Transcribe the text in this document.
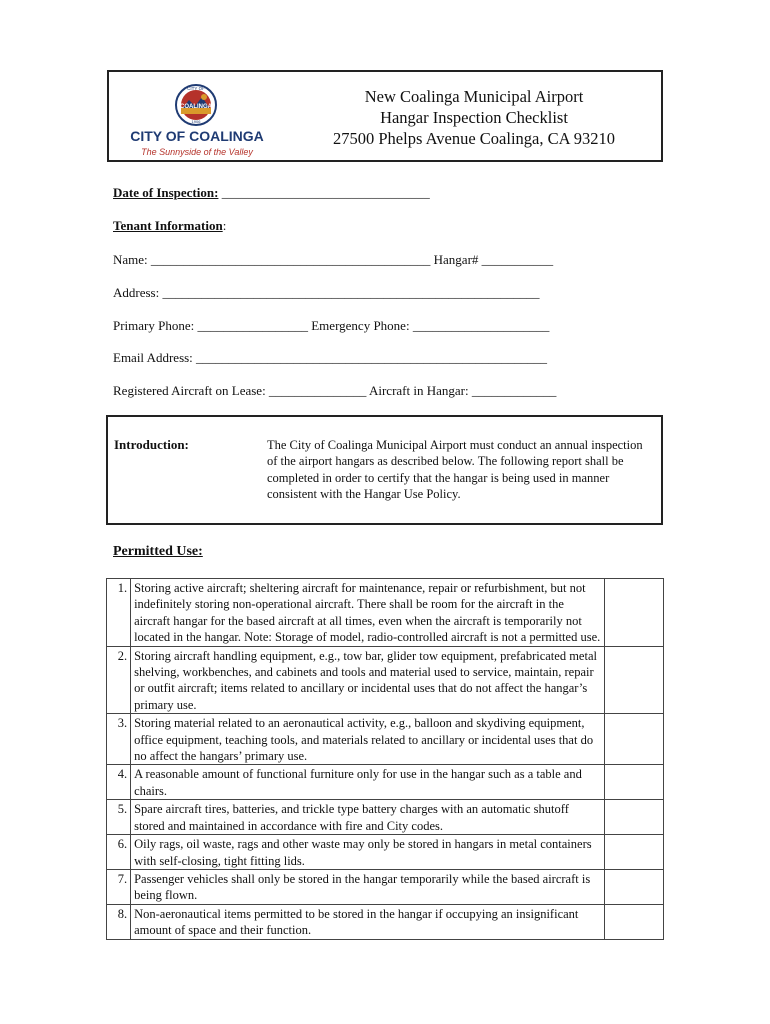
CITY OF
COALINGA
1906
CITY OF COALINGA
The Sunnyside of the Valley
New Coalinga Municipal Airport
Hangar Inspection Checklist
27500 Phelps Avenue Coalinga, CA 93210
Date of Inspection: ________________________________
Tenant Information:
Name: ___________________________________________ Hangar# ___________
Address: __________________________________________________________
Primary Phone: _________________ Emergency Phone: _____________________
Email Address: ______________________________________________________
Registered Aircraft on Lease: _______________ Aircraft in Hangar: _____________
Introduction:	The City of Coalinga Municipal Airport must conduct an annual inspection of the airport hangars as described below. The following report shall be completed in order to certify that the hangar is being used in manner consistent with the Hangar Use Policy.
Permitted Use:
1.	Storing active aircraft; sheltering aircraft for maintenance, repair or refurbishment, but not indefinitely storing non-operational aircraft. There shall be room for the aircraft in the aircraft hangar for the based aircraft at all times, even when the aircraft is temporarily not located in the hangar. Note: Storage of model, radio-controlled aircraft is not a permitted use.	
2.	Storing aircraft handling equipment, e.g., tow bar, glider tow equipment, prefabricated metal shelving, workbenches, and cabinets and tools and material used to service, maintain, repair or outfit aircraft; items related to ancillary or incidental uses that do not affect the hangar’s primary use.	
3.	Storing material related to an aeronautical activity, e.g., balloon and skydiving equipment, office equipment, teaching tools, and materials related to ancillary or incidental uses that do no affect the hangars’ primary use.	
4.	A reasonable amount of functional furniture only for use in the hangar such as a table and chairs.	
5.	Spare aircraft tires, batteries, and trickle type battery charges with an automatic shutoff stored and maintained in accordance with fire and City codes.	
6.	Oily rags, oil waste, rags and other waste may only be stored in hangars in metal containers with self-closing, tight fitting lids.	
7.	Passenger vehicles shall only be stored in the hangar temporarily while the based aircraft is being flown.	
8.	Non-aeronautical items permitted to be stored in the hangar if occupying an insignificant amount of space and their function.	
